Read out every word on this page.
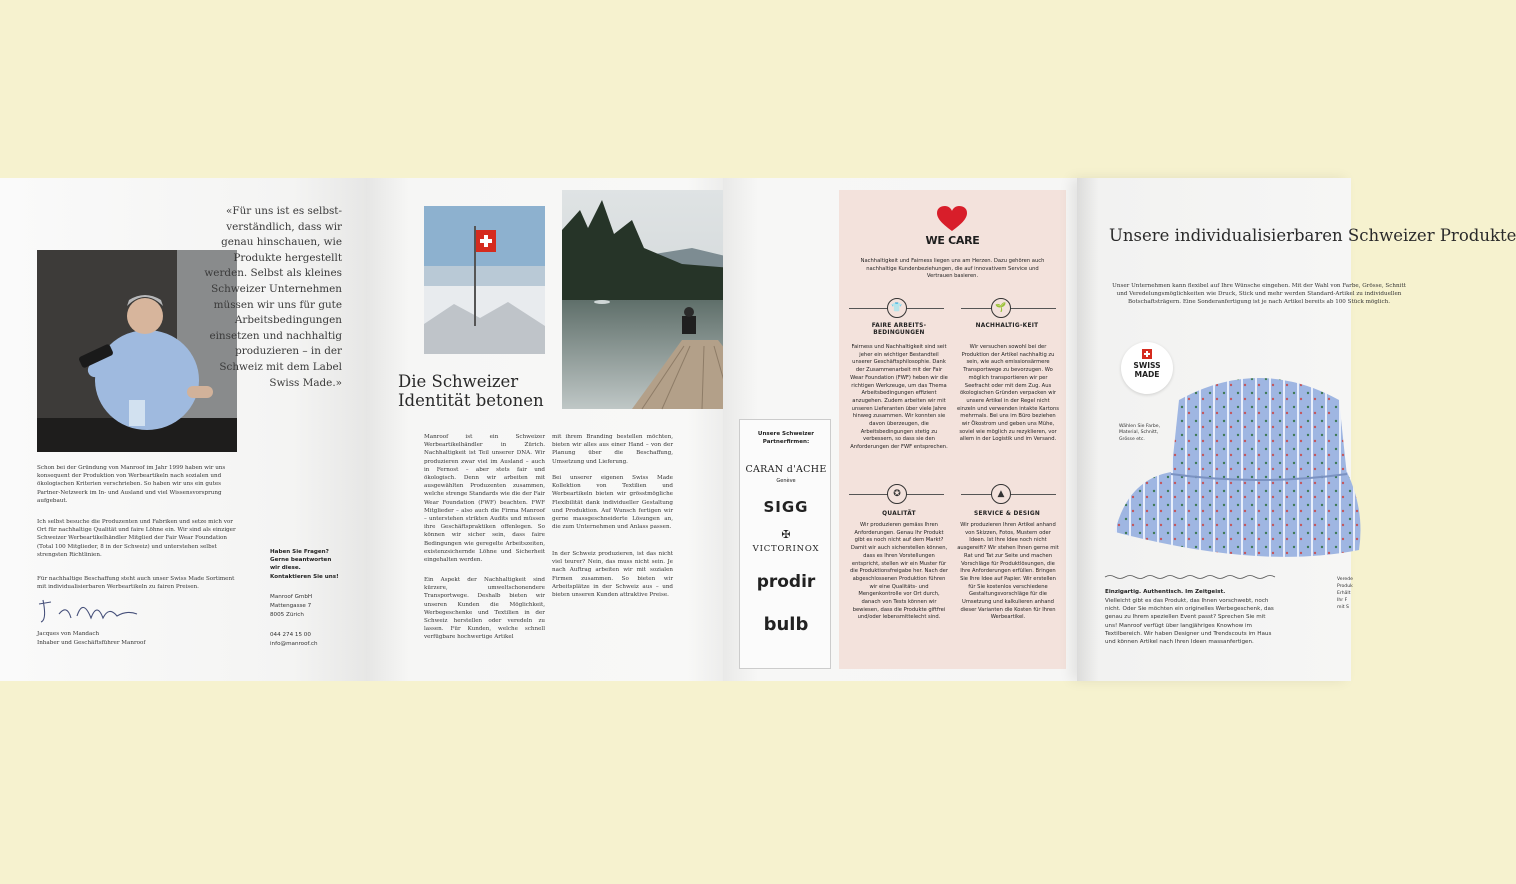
«Für uns ist es selbst-verständlich, dass wir genau hinschauen, wie Produkte hergestellt werden. Selbst als kleines Schweizer Unternehmen müssen wir uns für gute Arbeitsbedingungen einsetzen und nachhaltig produzieren – in der Schweiz mit dem Label Swiss Made.»
Schon bei der Gründung von Manroof im Jahr 1999 haben wir uns konsequent der Produktion von Werbeartikeln nach sozialen und ökologischen Kriterien verschrieben. So haben wir uns ein gutes Partner-Netzwerk im In- und Ausland und viel Wissensvorsprung aufgebaut.
Ich selbst besuche die Produzenten und Fabriken und setze mich vor Ort für nachhaltige Qualität und faire Löhne ein. Wir sind als einziger Schweizer Werbeartikelhändler Mitglied der Fair Wear Foundation (Total 100 Mitglieder, 8 in der Schweiz) und unterstehen selbst strengsten Richtlinien.
Für nachhaltige Beschaffung steht auch unser Swiss Made Sortiment mit individualisierbaren Werbeartikeln zu fairen Preisen.
Jacques von Mandach
Inhaber und Geschäftsführer Manroof
Haben Sie Fragen? Gerne beantworten wir diese. Kontaktieren Sie uns!
Manroof GmbH
Mattengasse 7
8005 Zürich
044 274 15 00
info@manroof.ch
Die Schweizer Identität betonen
Manroof ist ein Schweizer Werbeartikelhändler in Zürich. Nachhaltigkeit ist Teil unserer DNA. Wir produzieren zwar viel im Ausland – auch in Fernost – aber stets fair und ökologisch. Denn wir arbeiten mit ausgewählten Produzenten zusammen, welche strenge Standards wie die der Fair Wear Foundation (FWF) beachten. FWF Mitglieder – also auch die Firma Manroof – unterstehen strikten Audits und müssen ihre Geschäftspraktiken offenlegen. So können wir sicher sein, dass faire Bedingungen wie geregelte Arbeitszeiten, existenzsichernde Löhne und Sicherheit eingehalten werden.
Ein Aspekt der Nachhaltigkeit sind kürzere, umweltschonendere Transportwege. Deshalb bieten wir unseren Kunden die Möglichkeit, Werbegeschenke und Textilien in der Schweiz herstellen oder veredeln zu lassen. Für Kunden, welche schnell verfügbare hochwertige Artikel
mit ihrem Branding bestellen möchten, bieten wir alles aus einer Hand – von der Planung über die Beschaffung, Umsetzung und Lieferung.
Bei unserer eigenen Swiss Made Kollektion von Textilien und Werbeartikeln bieten wir grösstmögliche Flexibilität dank individueller Gestaltung und Produktion. Auf Wunsch fertigen wir gerne massgeschneiderte Lösungen an, die zum Unternehmen und Anlass passen.
In der Schweiz produzieren, ist das nicht viel teurer? Nein, das muss nicht sein. Je nach Auftrag arbeiten wir mit sozialen Firmen zusammen. So bieten wir Arbeitsplätze in der Schweiz aus – und bieten unseren Kunden attraktive Preise.
Unsere Schweizer Partnerfirmen:
CARAN d'ACHE
Genève
SIGG
✠
VICTORINOX
prodir
bulb
WE CARE
Nachhaltigkeit und Fairness liegen uns am Herzen. Dazu gehören auch nachhaltige Kundenbeziehungen, die auf innovativem Service und Vertrauen basieren.
👕	🌱
FAIRE ARBEITS-BEDINGUNGEN
Fairness und Nachhaltigkeit sind seit jeher ein wichtiger Bestandteil unserer Geschäftsphilosophie. Dank der Zusammenarbeit mit der Fair Wear Foundation (FWF) heben wir die richtigen Werkzeuge, um das Thema Arbeitsbedingungen effizient anzugehen. Zudem arbeiten wir mit unseren Lieferanten über viele Jahre hinweg zusammen. Wir konnten sie davon überzeugen, die Arbeitsbedingungen stetig zu verbessern, so dass sie den Anforderungen der FWF entsprechen.
NACHHALTIG-KEIT
Wir versuchen sowohl bei der Produktion der Artikel nachhaltig zu sein, wie auch emissionsärmere Transportwege zu bevorzugen. Wo möglich transportieren wir per Seefracht oder mit dem Zug. Aus ökologischen Gründen verpacken wir unsere Artikel in der Regel nicht einzeln und verwenden intakte Kartons mehrmals. Bei uns im Büro beziehen wir Ökostrom und geben uns Mühe, soviel wie möglich zu rezyklieren, vor allem in der Logistik und im Versand.
✪	▲
QUALITÄT
Wir produzieren gemäss Ihren Anforderungen. Genau Ihr Produkt gibt es noch nicht auf dem Markt? Damit wir auch sicherstellen können, dass es Ihren Vorstellungen entspricht, stellen wir ein Muster für die Produktionsfreigabe her. Nach der abgeschlossenen Produktion führen wir eine Qualitäts- und Mengenkontrolle vor Ort durch, danach von Tests können wir bewiesen, dass die Produkte giftfrei und/oder lebensmittelecht sind.
SERVICE & DESIGN
Wir produzieren Ihren Artikel anhand von Skizzen, Fotos, Mustern oder Ideen. Ist Ihre Idee noch nicht ausgereift? Wir stehen Ihnen gerne mit Rat und Tat zur Seite und machen Vorschläge für Produktlösungen, die Ihre Anforderungen erfüllen. Bringen Sie Ihre Idee auf Papier. Wir erstellen für Sie kostenlos verschiedene Gestaltungsvorschläge für die Umsetzung und kalkulieren anhand dieser Varianten die Kosten für Ihren Werbeartikel.
Unsere individualisierbaren Schweizer Produkte
Unser Unternehmen kann flexibel auf Ihre Wünsche eingehen. Mit der Wahl von Farbe, Grösse, Schnitt und Veredelungsmöglichkeiten wie Druck, Stick und mehr werden Standard-Artikel zu individuellen Botschaftsträgern. Eine Sonderanfertigung ist je nach Artikel bereits ab 100 Stück möglich.
SWISS
MADE
Wählen Sie Farbe, Material, Schnitt, Grösse etc.
Einzigartig. Authentisch. Im Zeitgeist.
Vielleicht gibt es das Produkt, das Ihnen vorschwebt, noch nicht. Oder Sie möchten ein originelles Werbegeschenk, das genau zu Ihrem speziellen Event passt? Sprechen Sie mit uns! Manroof verfügt über langjähriges Knowhow im Textilbereich. Wir haben Designer und Trendscouts im Haus und können Artikel nach Ihren Ideen massanfertigen.
Verede Produk Erhält Ihr F mit S
